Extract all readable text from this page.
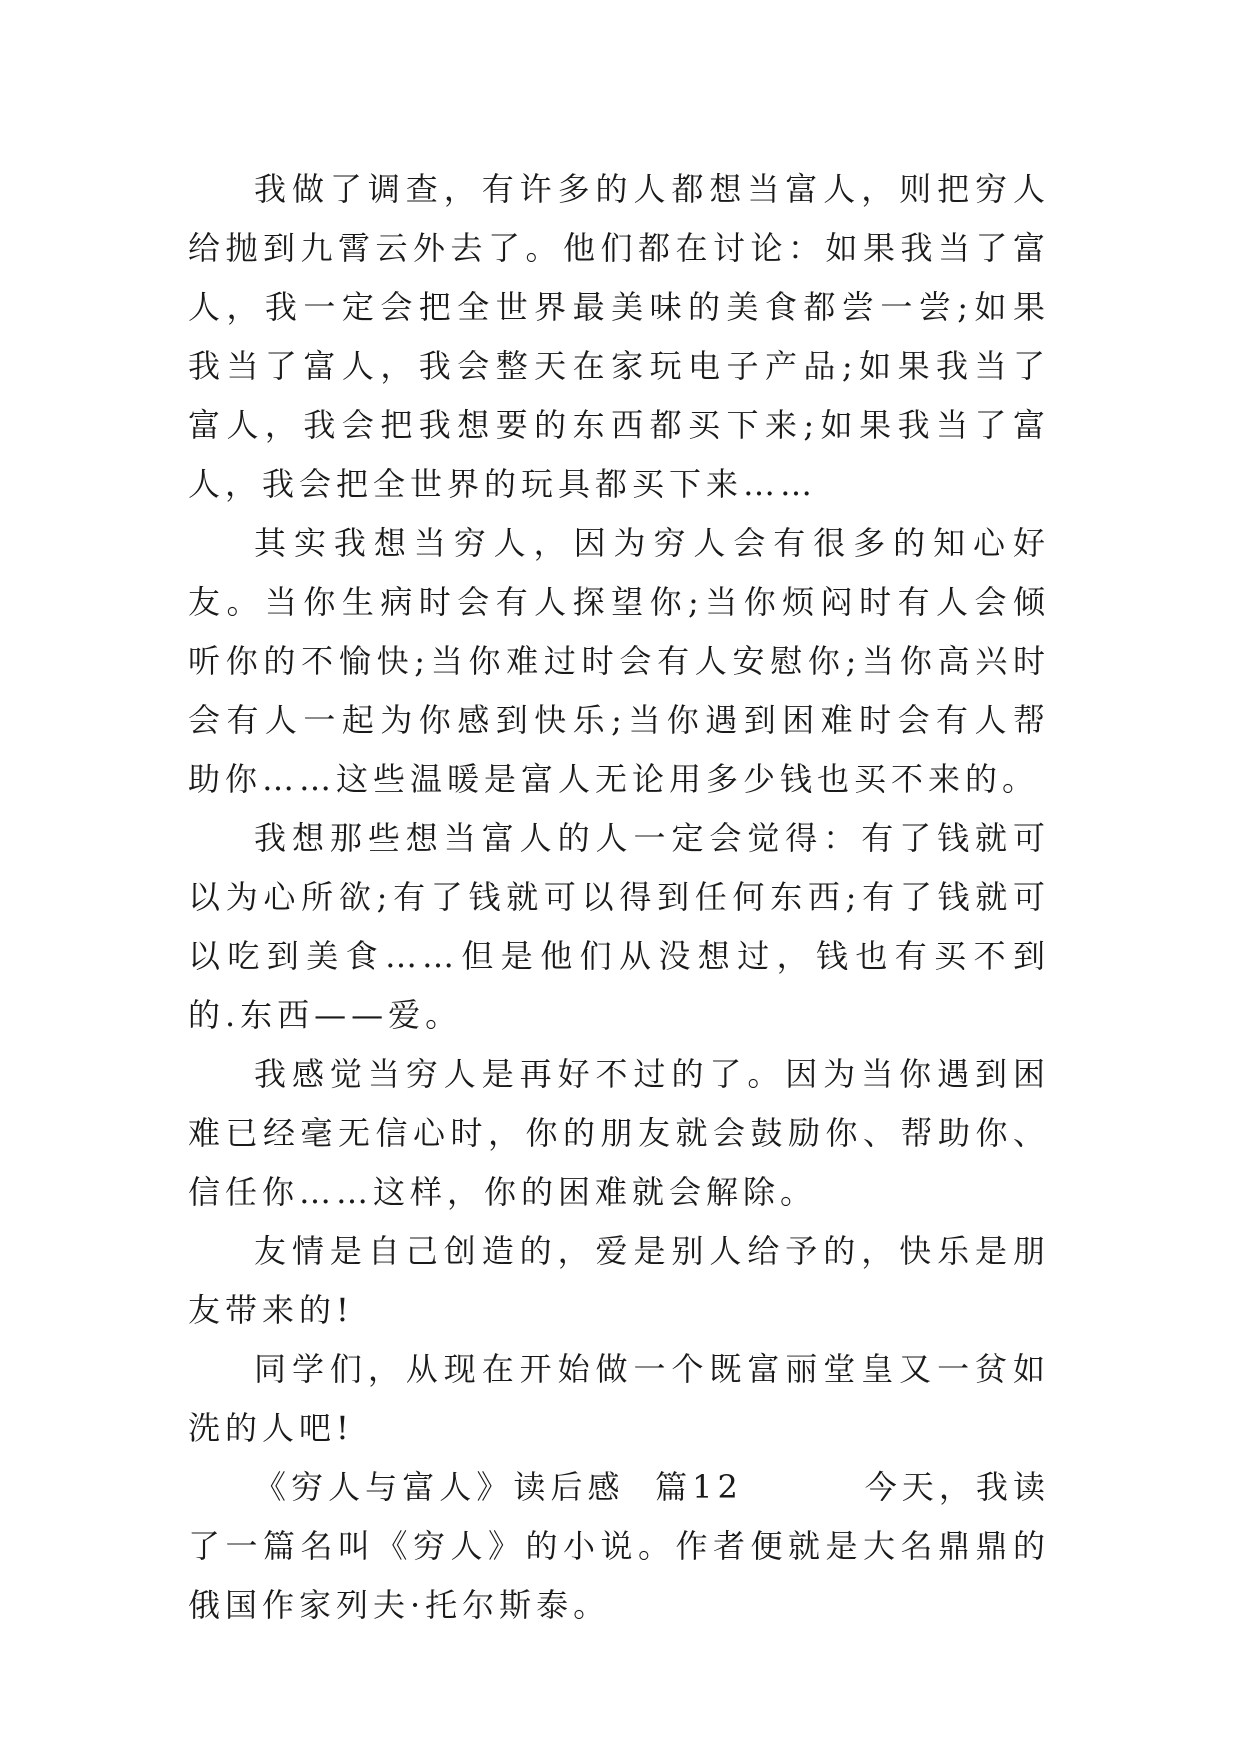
我做了调查，有许多的人都想当富人，则把穷人给抛到九霄云外去了。他们都在讨论：如果我当了富人，我一定会把全世界最美味的美食都尝一尝;如果我当了富人，我会整天在家玩电子产品;如果我当了富人，我会把我想要的东西都买下来;如果我当了富人，我会把全世界的玩具都买下来……

其实我想当穷人，因为穷人会有很多的知心好友。当你生病时会有人探望你;当你烦闷时有人会倾听你的不愉快;当你难过时会有人安慰你;当你高兴时会有人一起为你感到快乐;当你遇到困难时会有人帮助你……这些温暖是富人无论用多少钱也买不来的。

我想那些想当富人的人一定会觉得：有了钱就可以为心所欲;有了钱就可以得到任何东西;有了钱就可以吃到美食……但是他们从没想过，钱也有买不到的.东西——爱。

我感觉当穷人是再好不过的了。因为当你遇到困难已经毫无信心时，你的朋友就会鼓励你、帮助你、信任你……这样，你的困难就会解除。

友情是自己创造的，爱是别人给予的，快乐是朋友带来的!

同学们，从现在开始做一个既富丽堂皇又一贫如洗的人吧!

《穷人与富人》读后感  篇12        今天，我读了一篇名叫《穷人》的小说。作者便就是大名鼎鼎的俄国作家列夫·托尔斯泰。
